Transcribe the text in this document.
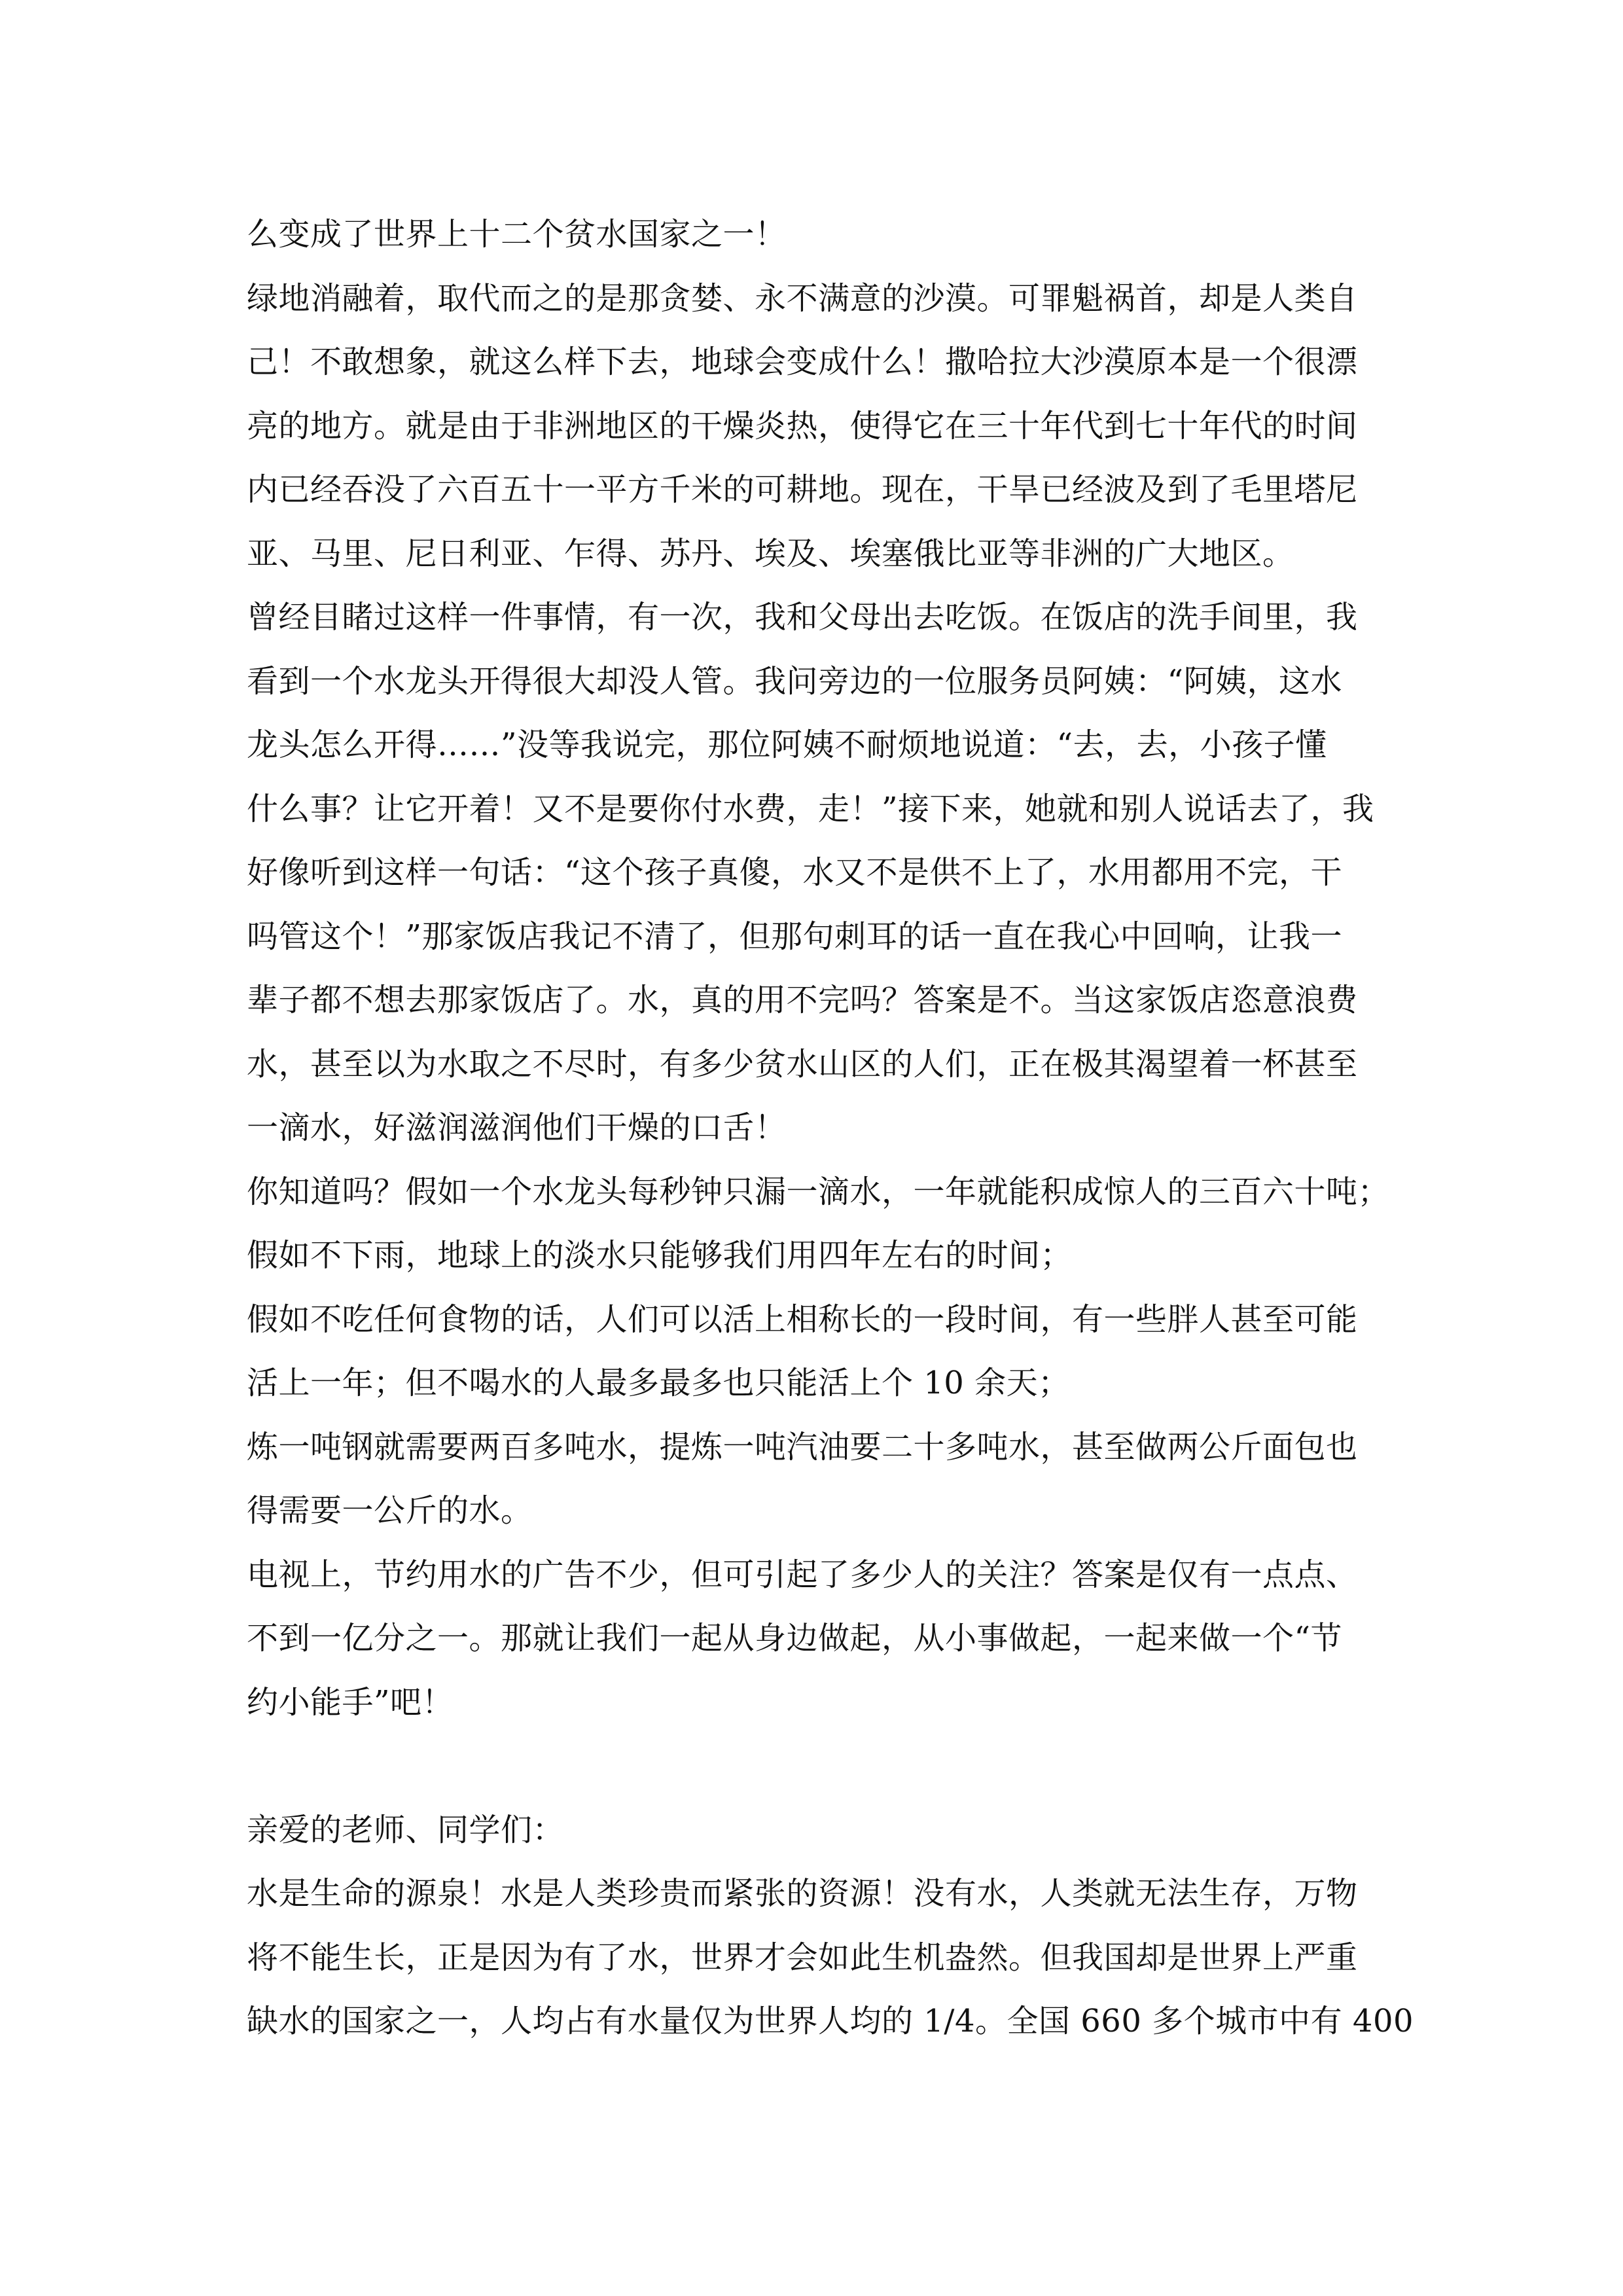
么变成了世界上十二个贫水国家之一！
绿地消融着，取代而之的是那贪婪、永不满意的沙漠。可罪魁祸首，却是人类自
己！不敢想象，就这么样下去，地球会变成什么！撒哈拉大沙漠原本是一个很漂
亮的地方。就是由于非洲地区的干燥炎热，使得它在三十年代到七十年代的时间
内已经吞没了六百五十一平方千米的可耕地。现在，干旱已经波及到了毛里塔尼
亚、马里、尼日利亚、乍得、苏丹、埃及、埃塞俄比亚等非洲的广大地区。
曾经目睹过这样一件事情，有一次，我和父母出去吃饭。在饭店的洗手间里，我
看到一个水龙头开得很大却没人管。我问旁边的一位服务员阿姨：“阿姨，这水
龙头怎么开得……”没等我说完，那位阿姨不耐烦地说道：“去，去，小孩子懂
什么事？让它开着！又不是要你付水费，走！”接下来，她就和别人说话去了，我
好像听到这样一句话：“这个孩子真傻，水又不是供不上了，水用都用不完，干
吗管这个！”那家饭店我记不清了，但那句刺耳的话一直在我心中回响，让我一
辈子都不想去那家饭店了。水，真的用不完吗？答案是不。当这家饭店恣意浪费
水，甚至以为水取之不尽时，有多少贫水山区的人们，正在极其渴望着一杯甚至
一滴水，好滋润滋润他们干燥的口舌！
你知道吗？假如一个水龙头每秒钟只漏一滴水，一年就能积成惊人的三百六十吨；
假如不下雨，地球上的淡水只能够我们用四年左右的时间；
假如不吃任何食物的话，人们可以活上相称长的一段时间，有一些胖人甚至可能
活上一年；但不喝水的人最多最多也只能活上个 10 余天；
炼一吨钢就需要两百多吨水，提炼一吨汽油要二十多吨水，甚至做两公斤面包也
得需要一公斤的水。
电视上，节约用水的广告不少，但可引起了多少人的关注？答案是仅有一点点、
不到一亿分之一。那就让我们一起从身边做起，从小事做起，一起来做一个“节
约小能手”吧！
亲爱的老师、同学们：
水是生命的源泉！水是人类珍贵而紧张的资源！没有水，人类就无法生存，万物
将不能生长，正是因为有了水，世界才会如此生机盎然。但我国却是世界上严重
缺水的国家之一，人均占有水量仅为世界人均的 1/4。全国 660 多个城市中有 400
